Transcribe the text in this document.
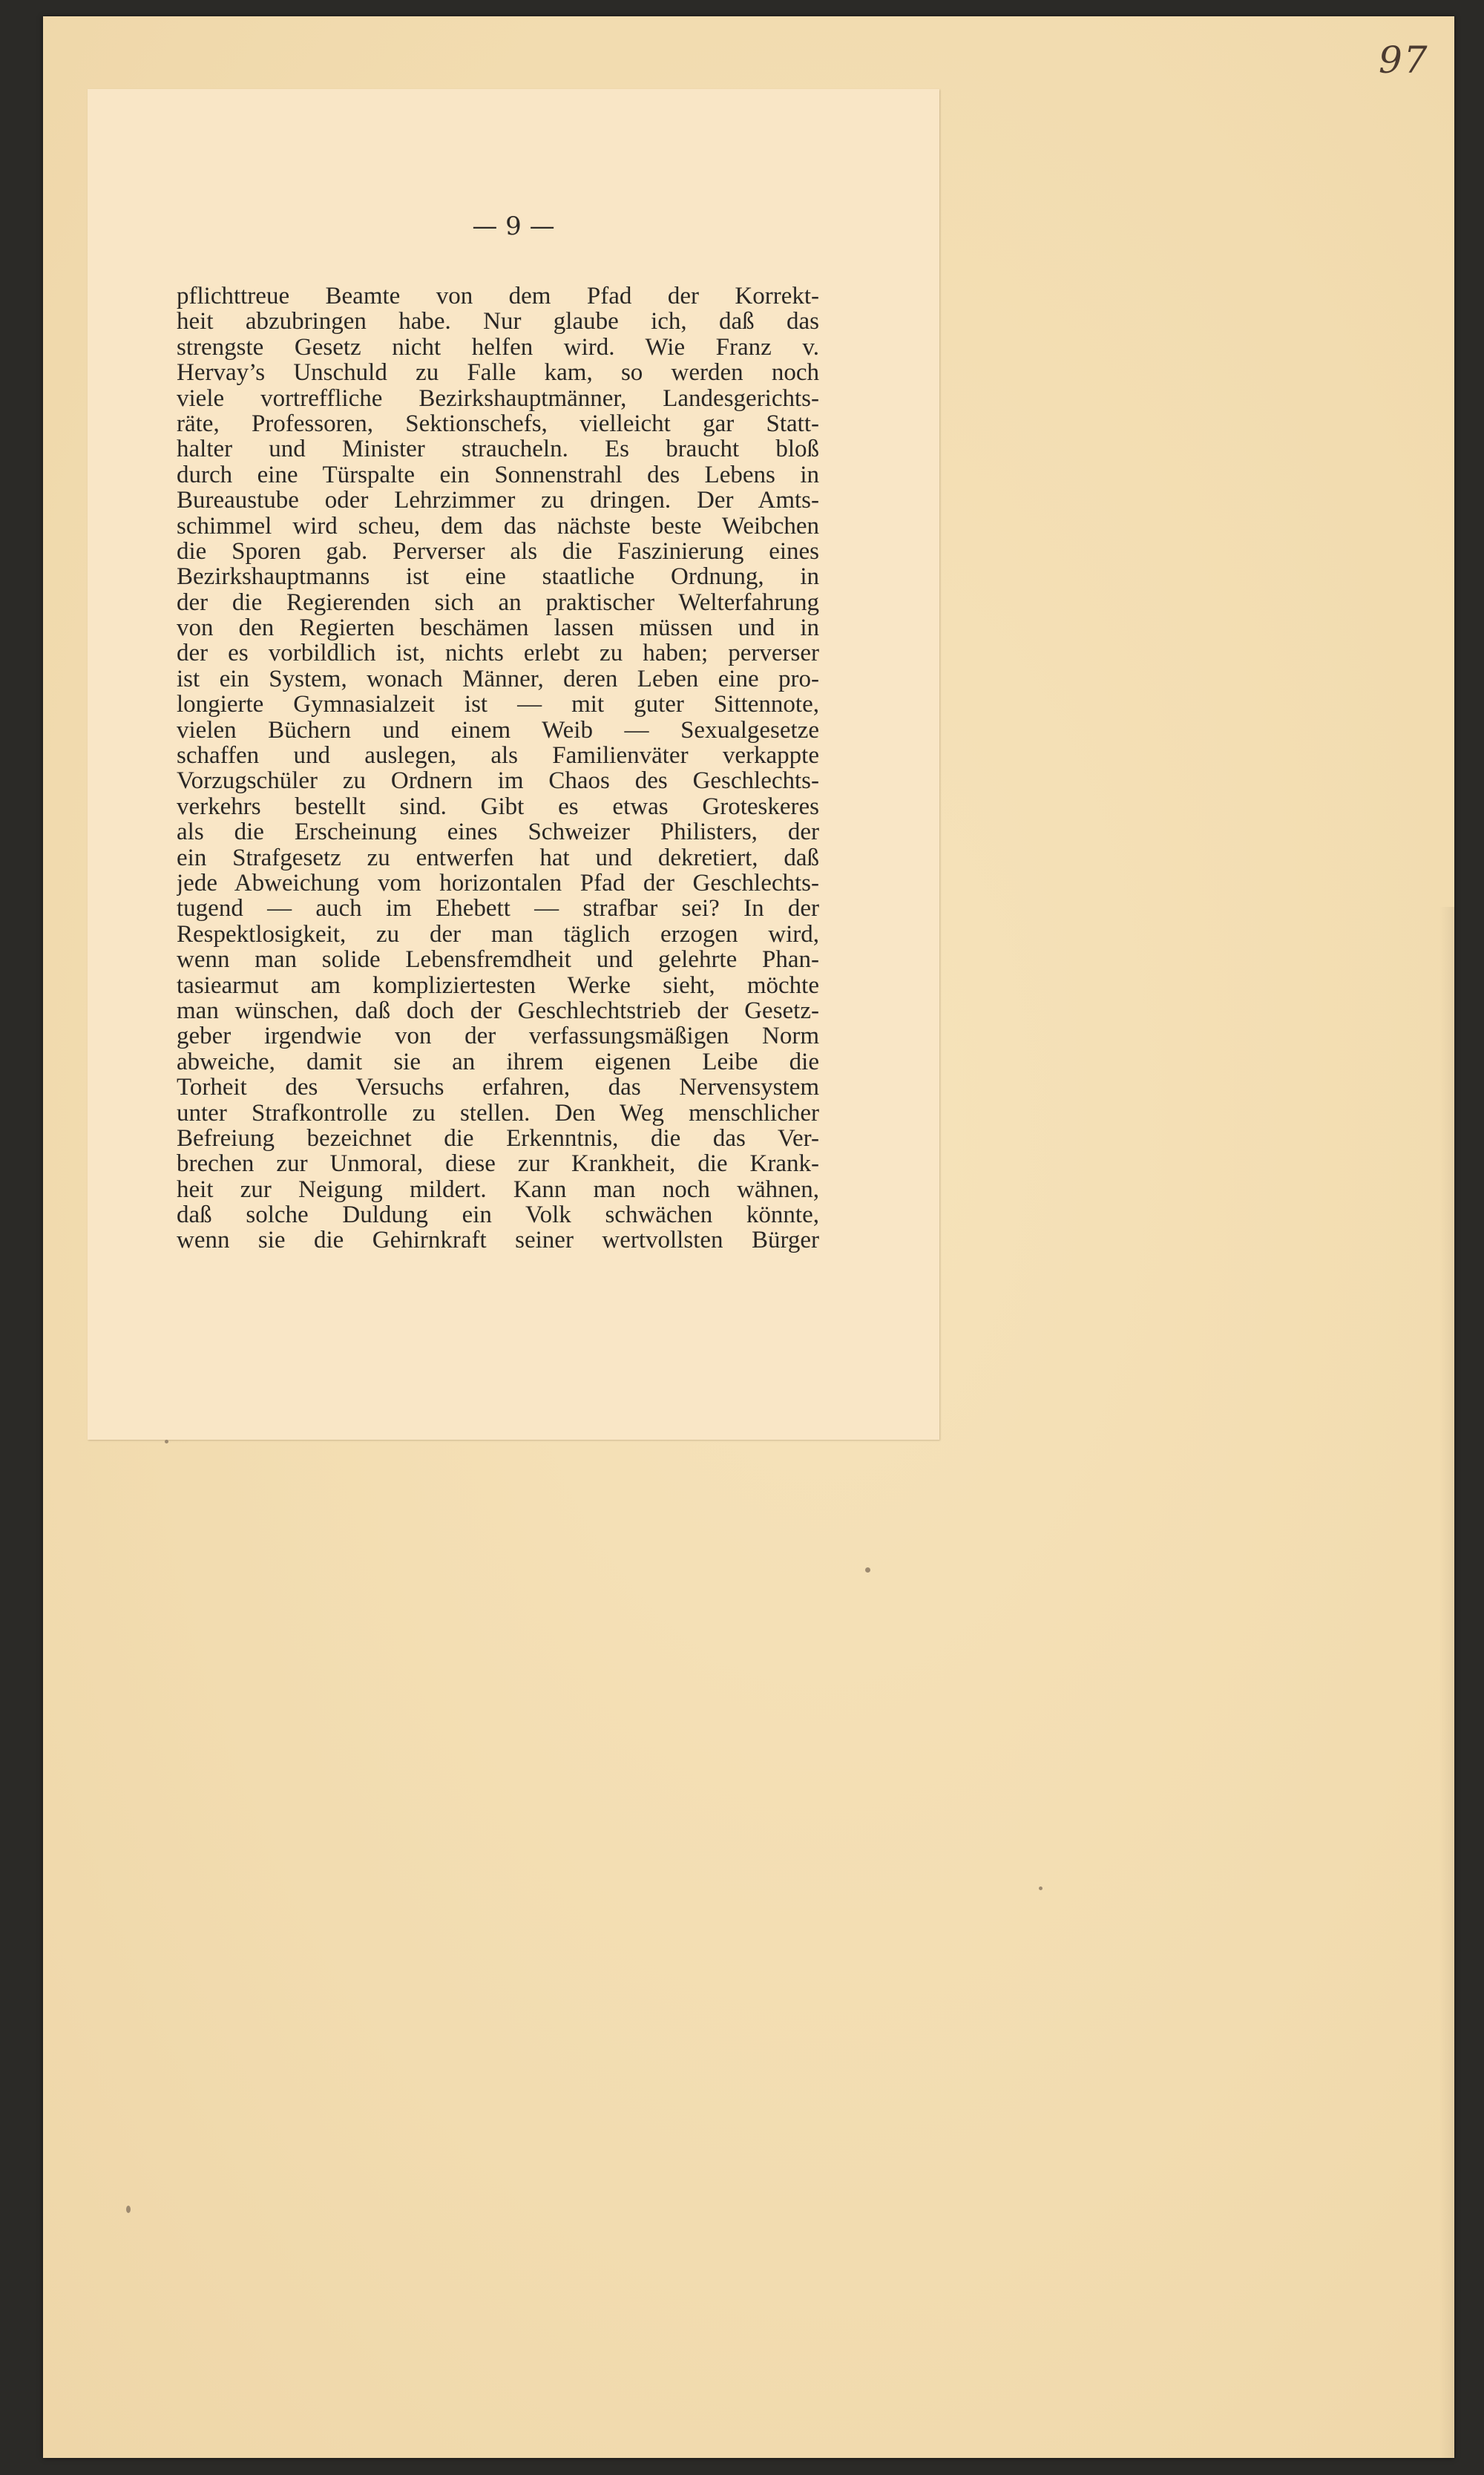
97
— 9 —
pflichttreue Beamte von dem Pfad der Korrekt-
heit abzubringen habe. Nur glaube ich, daß das
strengste Gesetz nicht helfen wird. Wie Franz v.
Hervay’s Unschuld zu Falle kam, so werden noch
viele vortreffliche Bezirkshauptmänner, Landesgerichts-
räte, Professoren, Sektionschefs, vielleicht gar Statt-
halter und Minister straucheln. Es braucht bloß
durch eine Türspalte ein Sonnenstrahl des Lebens in
Bureaustube oder Lehrzimmer zu dringen. Der Amts-
schimmel wird scheu, dem das nächste beste Weibchen
die Sporen gab. Perverser als die Faszinierung eines
Bezirkshauptmanns ist eine staatliche Ordnung, in
der die Regierenden sich an praktischer Welterfahrung
von den Regierten beschämen lassen müssen und in
der es vorbildlich ist, nichts erlebt zu haben; perverser
ist ein System, wonach Männer, deren Leben eine pro-
longierte Gymnasialzeit ist — mit guter Sittennote,
vielen Büchern und einem Weib — Sexualgesetze
schaffen und auslegen, als Familienväter verkappte
Vorzugschüler zu Ordnern im Chaos des Geschlechts-
verkehrs bestellt sind. Gibt es etwas Groteskeres
als die Erscheinung eines Schweizer Philisters, der
ein Strafgesetz zu entwerfen hat und dekretiert, daß
jede Abweichung vom horizontalen Pfad der Geschlechts-
tugend — auch im Ehebett — strafbar sei? In der
Respektlosigkeit, zu der man täglich erzogen wird,
wenn man solide Lebensfremdheit und gelehrte Phan-
tasiearmut am kompliziertesten Werke sieht, möchte
man wünschen, daß doch der Geschlechtstrieb der Gesetz-
geber irgendwie von der verfassungsmäßigen Norm
abweiche, damit sie an ihrem eigenen Leibe die
Torheit des Versuchs erfahren, das Nervensystem
unter Strafkontrolle zu stellen. Den Weg menschlicher
Befreiung bezeichnet die Erkenntnis, die das Ver-
brechen zur Unmoral, diese zur Krankheit, die Krank-
heit zur Neigung mildert. Kann man noch wähnen,
daß solche Duldung ein Volk schwächen könnte,
wenn sie die Gehirnkraft seiner wertvollsten Bürger
